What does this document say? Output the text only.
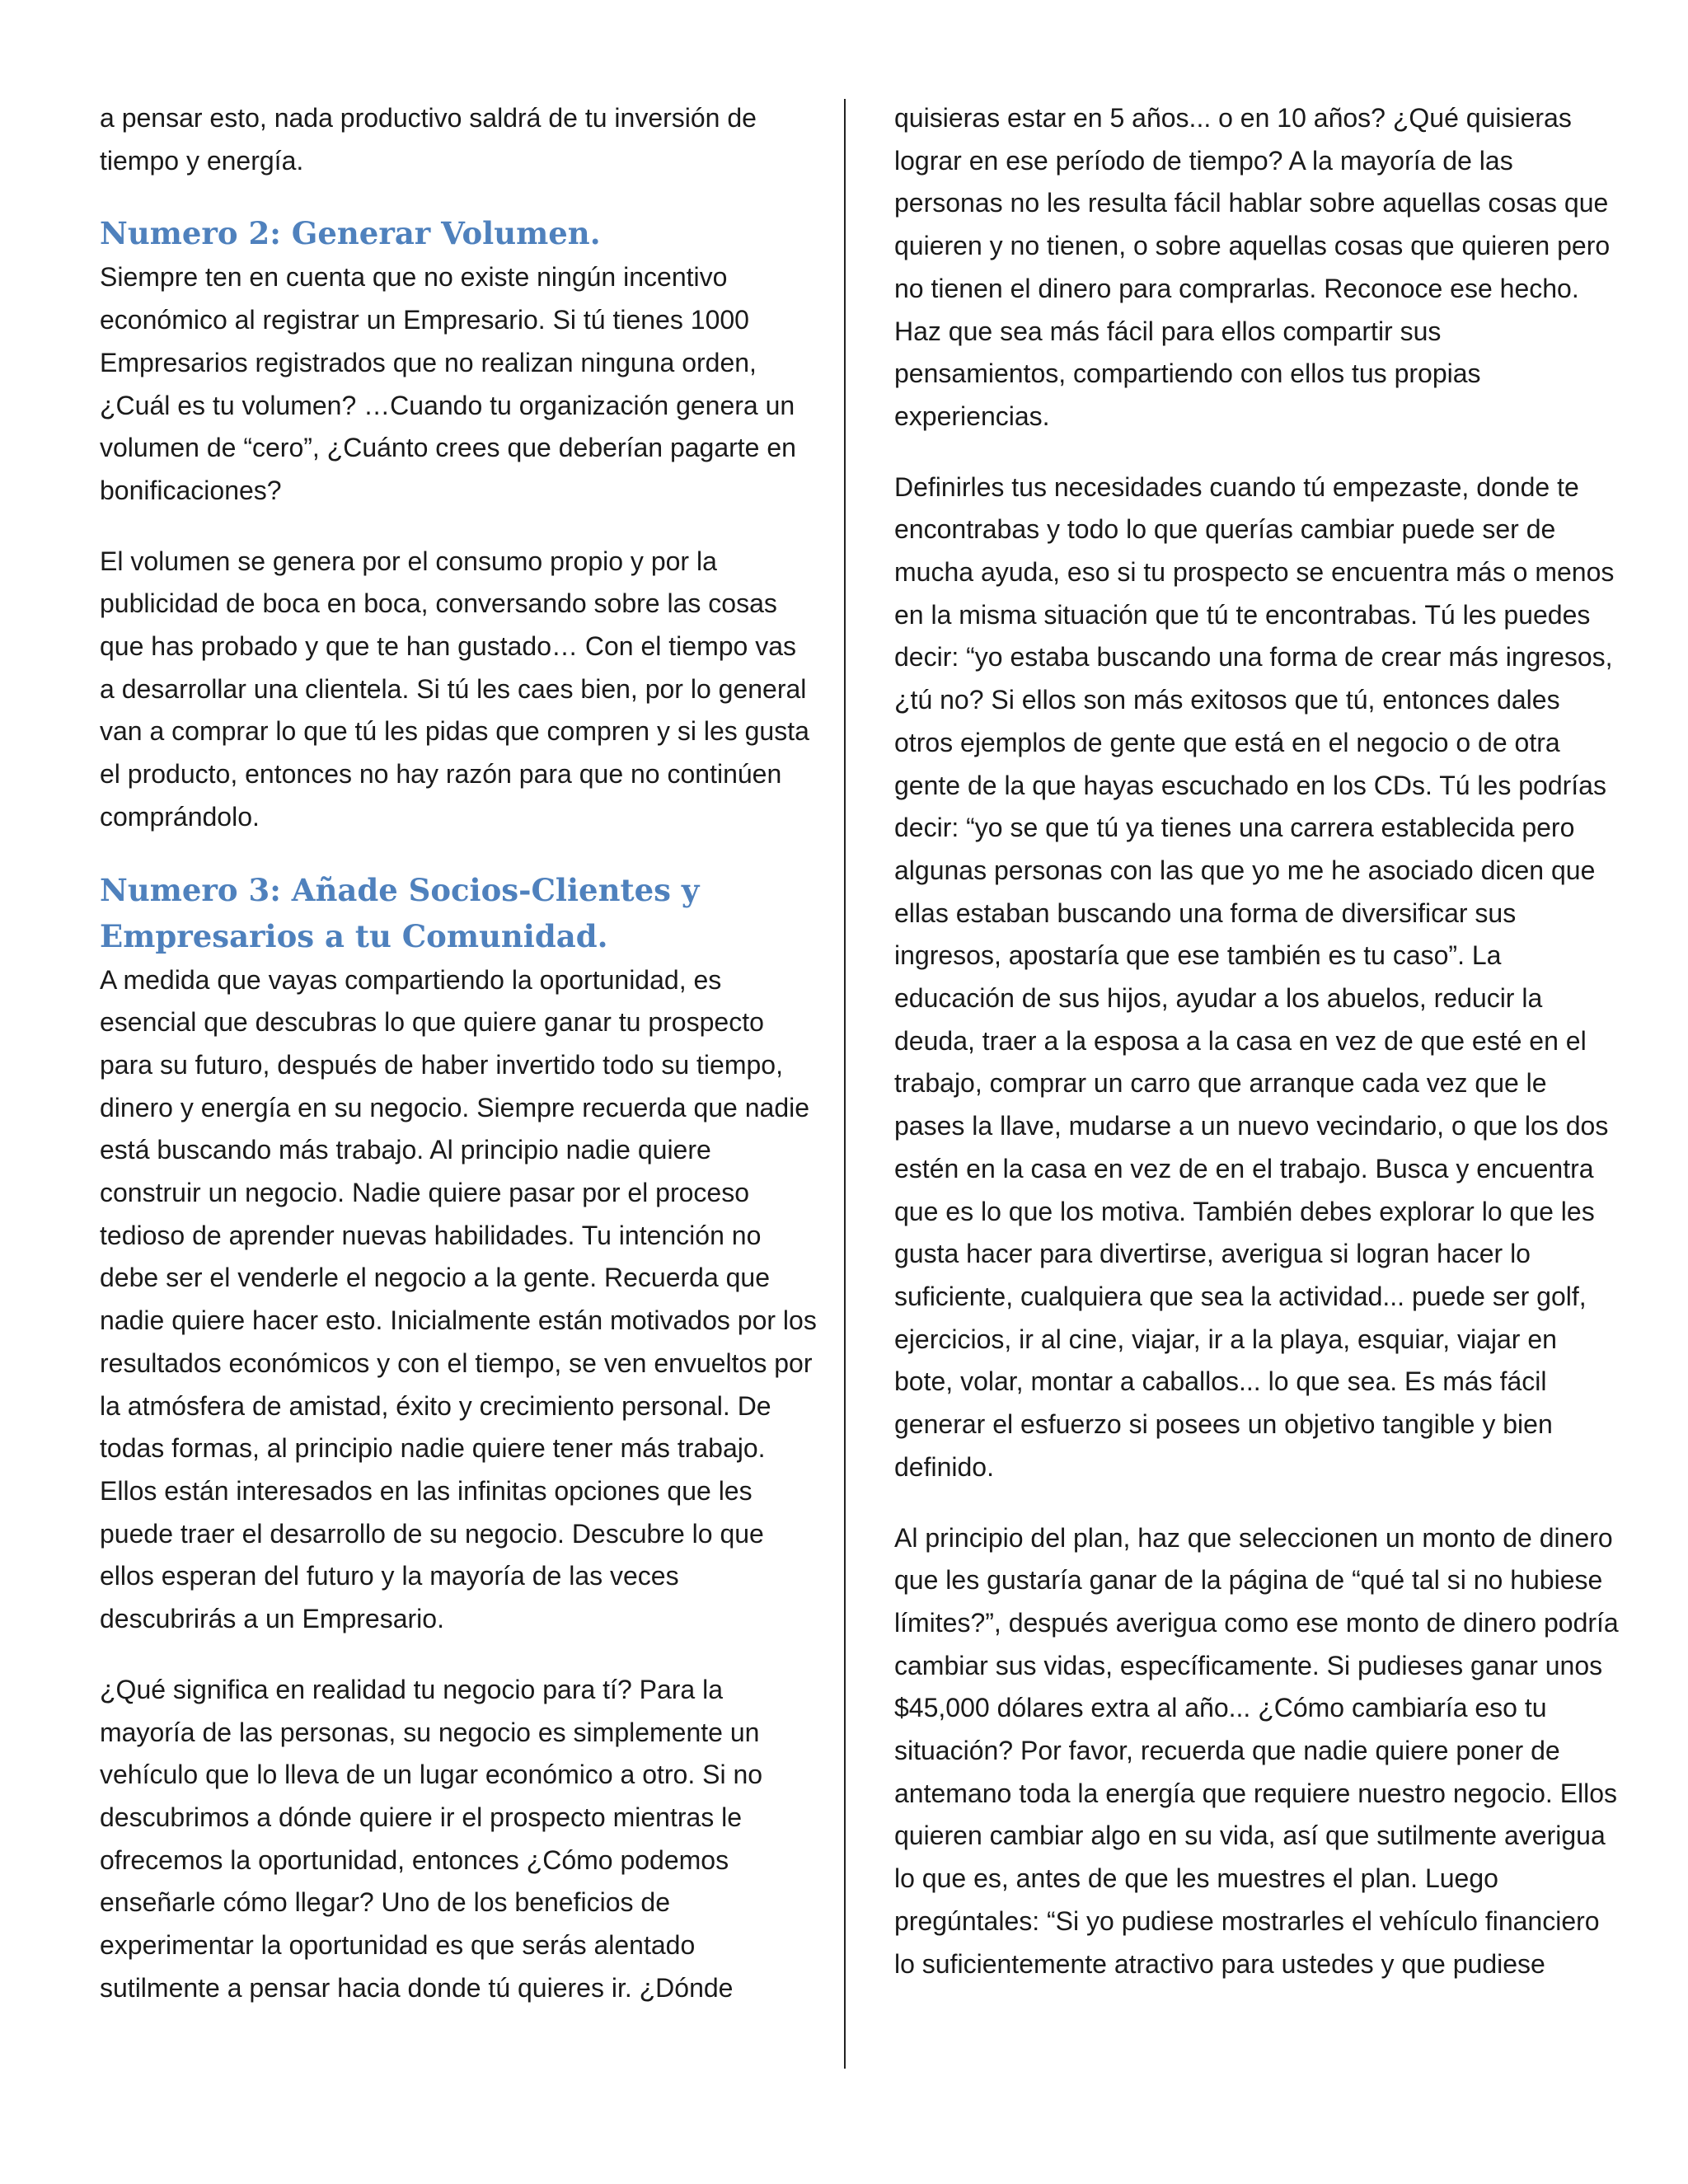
a pensar esto, nada productivo saldrá de tu inversión de tiempo y energía.

Numero 2: Generar Volumen.

Siempre ten en cuenta que no existe ningún incentivo económico al registrar un Empresario. Si tú tienes 1000 Empresarios registrados que no realizan ninguna orden, ¿Cuál es tu volumen? …Cuando tu organización genera un volumen de “cero”, ¿Cuánto crees que deberían pagarte en bonificaciones?

El volumen se genera por el consumo propio y por la publicidad de boca en boca, conversando sobre las cosas que has probado y que te han gustado… Con el tiempo vas a desarrollar una clientela. Si tú les caes bien, por lo general van a comprar lo que tú les pidas que compren y si les gusta el producto, entonces no hay razón para que no continúen comprándolo.

Numero 3: Añade Socios-Clientes y Empresarios a tu Comunidad.

A medida que vayas compartiendo la oportunidad, es esencial que descubras lo que quiere ganar tu prospecto para su futuro, después de haber invertido todo su tiempo, dinero y energía en su negocio. Siempre recuerda que nadie está buscando más trabajo. Al principio nadie quiere construir un negocio. Nadie quiere pasar por el proceso tedioso de aprender nuevas habilidades. Tu intención no debe ser el venderle el negocio a la gente. Recuerda que nadie quiere hacer esto. Inicialmente están motivados por los resultados económicos y con el tiempo, se ven envueltos por la atmósfera de amistad, éxito y crecimiento personal. De todas formas, al principio nadie quiere tener más trabajo. Ellos están interesados en las infinitas opciones que les puede traer el desarrollo de su negocio. Descubre lo que ellos esperan del futuro y la mayoría de las veces descubrirás a un Empresario.

¿Qué significa en realidad tu negocio para tí? Para la mayoría de las personas, su negocio es simplemente un vehículo que lo lleva de un lugar económico a otro. Si no descubrimos a dónde quiere ir el prospecto mientras le ofrecemos la oportunidad, entonces ¿Cómo podemos enseñarle cómo llegar? Uno de los beneficios de experimentar la oportunidad es que serás alentado sutilmente a pensar hacia donde tú quieres ir. ¿Dónde

quisieras estar en 5 años... o en 10 años? ¿Qué quisieras lograr en ese período de tiempo? A la mayoría de las personas no les resulta fácil hablar sobre aquellas cosas que quieren y no tienen, o sobre aquellas cosas que quieren pero no tienen el dinero para comprarlas. Reconoce ese hecho. Haz que sea más fácil para ellos compartir sus pensamientos, compartiendo con ellos tus propias experiencias.

Definirles tus necesidades cuando tú empezaste, donde te encontrabas y todo lo que querías cambiar puede ser de mucha ayuda, eso si tu prospecto se encuentra más o menos en la misma situación que tú te encontrabas. Tú les puedes decir: “yo estaba buscando una forma de crear más ingresos, ¿tú no? Si ellos son más exitosos que tú, entonces dales otros ejemplos de gente que está en el negocio o de otra gente de la que hayas escuchado en los CDs. Tú les podrías decir: “yo se que tú ya tienes una carrera establecida pero algunas personas con las que yo me he asociado dicen que ellas estaban buscando una forma de diversificar sus ingresos, apostaría que ese también es tu caso”. La educación de sus hijos, ayudar a los abuelos, reducir la deuda, traer a la esposa a la casa en vez de que esté en el trabajo, comprar un carro que arranque cada vez que le pases la llave, mudarse a un nuevo vecindario, o que los dos estén en la casa en vez de en el trabajo. Busca y encuentra que es lo que los motiva. También debes explorar lo que les gusta hacer para divertirse, averigua si logran hacer lo suficiente, cualquiera que sea la actividad... puede ser golf, ejercicios, ir al cine, viajar, ir a la playa, esquiar, viajar en bote, volar, montar a caballos... lo que sea. Es más fácil generar el esfuerzo si posees un objetivo tangible y bien definido.

Al principio del plan, haz que seleccionen un monto de dinero que les gustaría ganar de la página de “qué tal si no hubiese límites?”, después averigua como ese monto de dinero podría cambiar sus vidas, específicamente. Si pudieses ganar unos $45,000 dólares extra al año... ¿Cómo cambiaría eso tu situación? Por favor, recuerda que nadie quiere poner de antemano toda la energía que requiere nuestro negocio. Ellos quieren cambiar algo en su vida, así que sutilmente averigua lo que es, antes de que les muestres el plan. Luego pregúntales: “Si yo pudiese mostrarles el vehículo financiero lo suficientemente atractivo para ustedes y que pudiese
